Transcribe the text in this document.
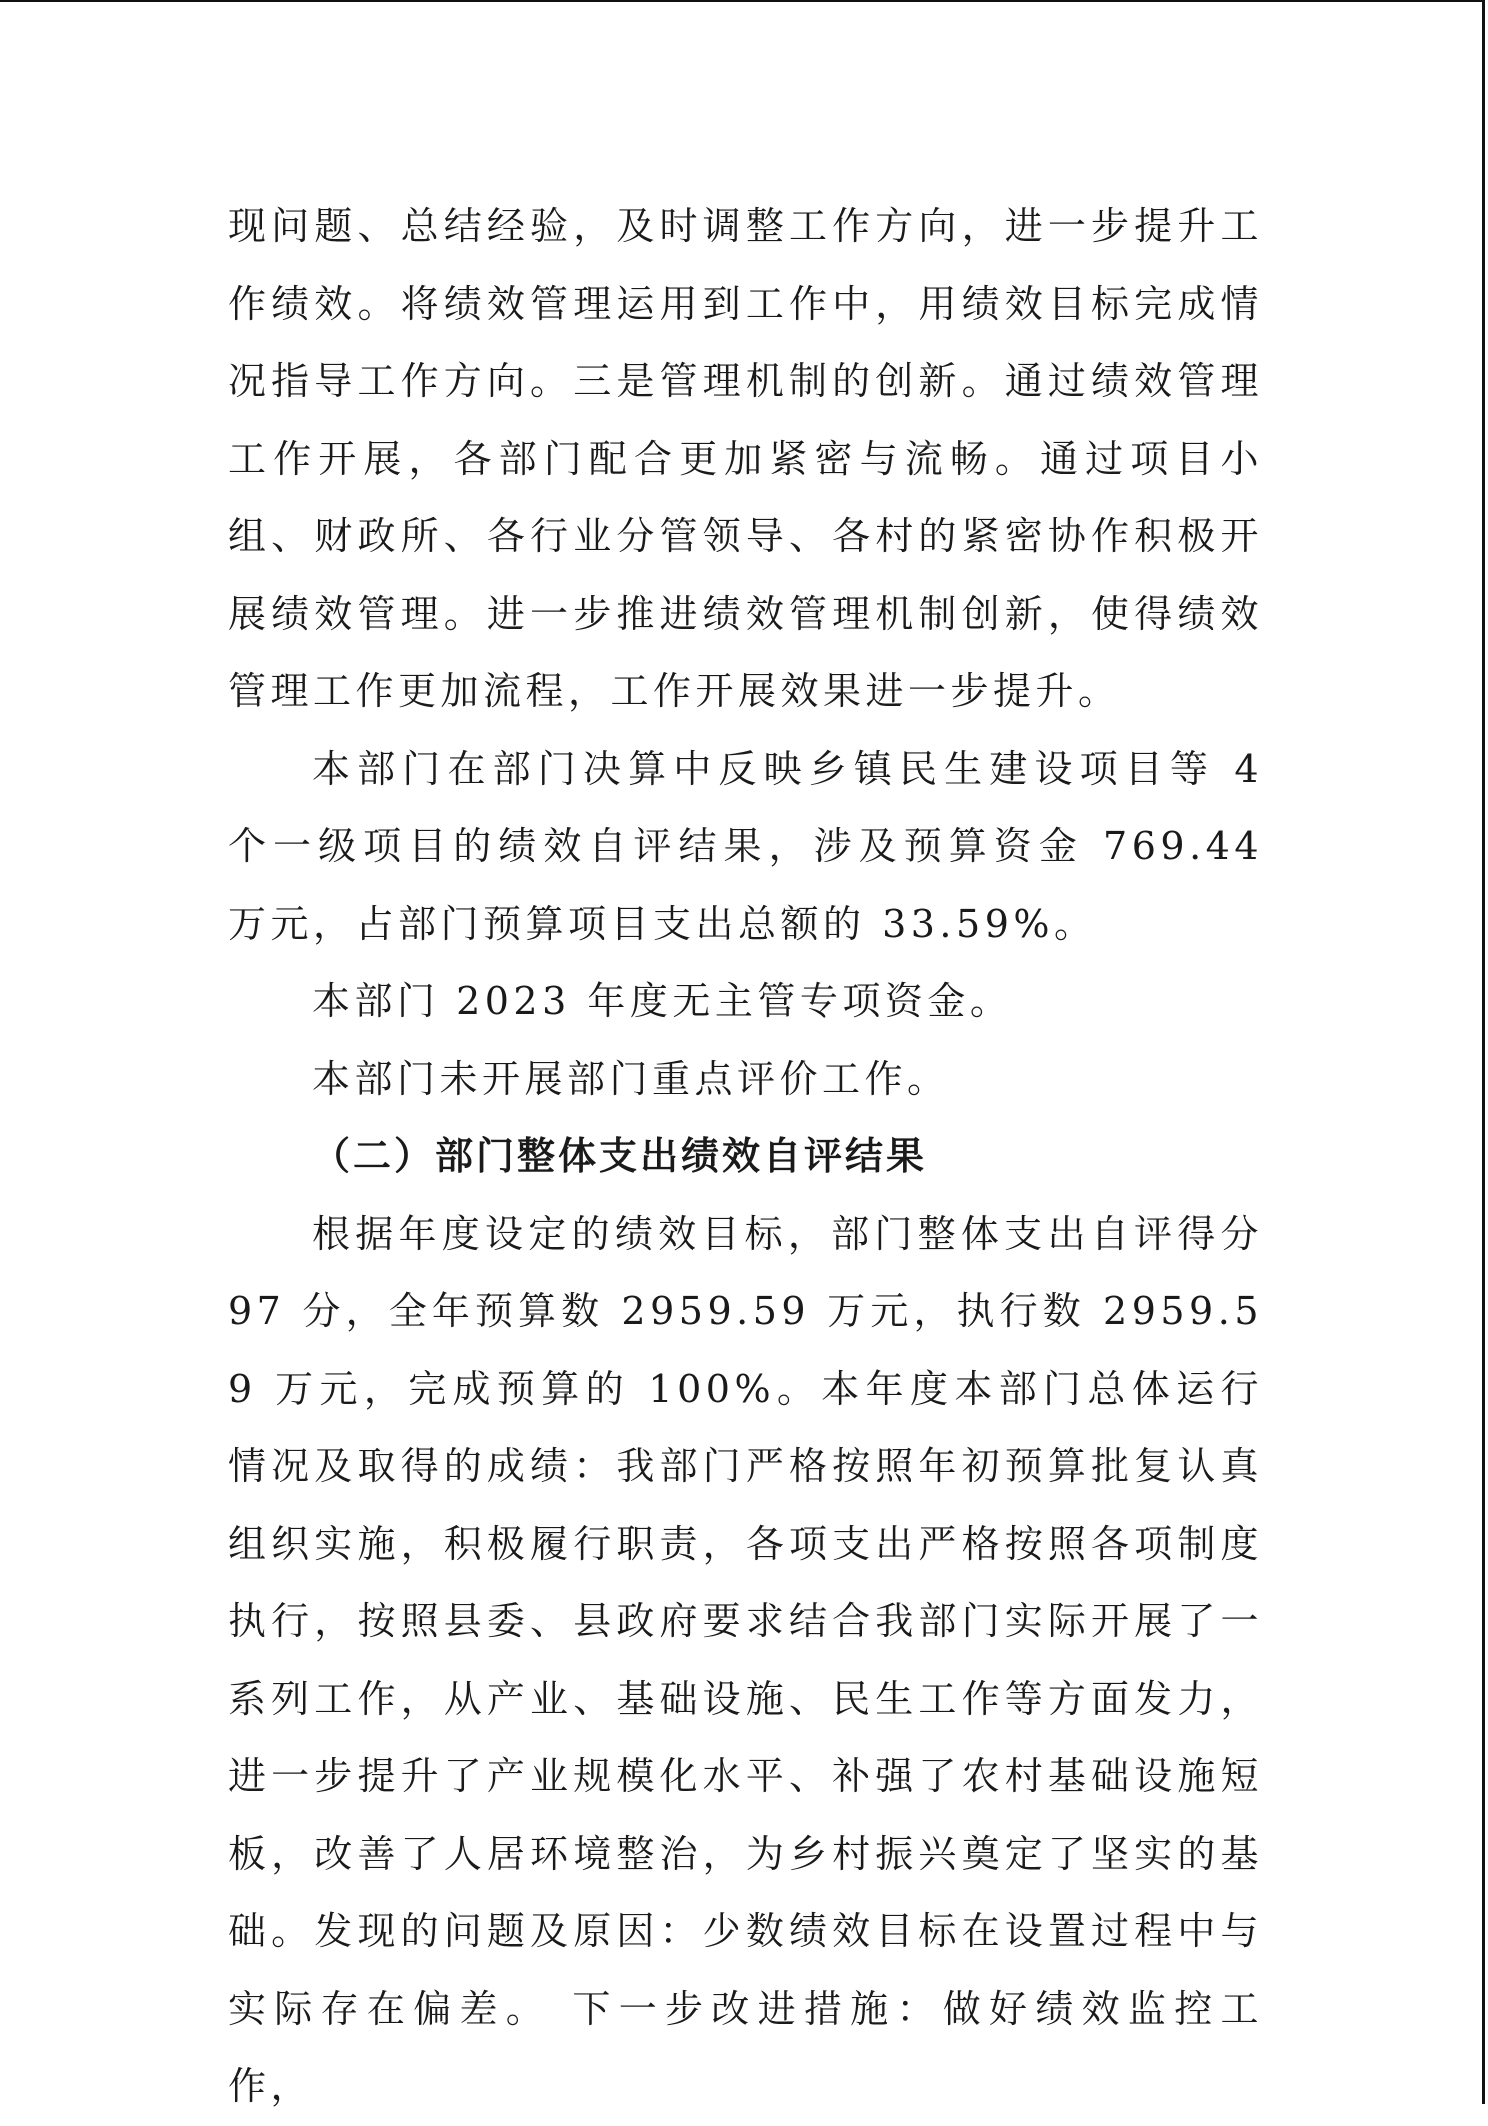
现问题、总结经验，及时调整工作方向，进一步提升工作绩效。将绩效管理运用到工作中，用绩效目标完成情况指导工作方向。三是管理机制的创新。通过绩效管理工作开展，各部门配合更加紧密与流畅。通过项目小组、财政所、各行业分管领导、各村的紧密协作积极开展绩效管理。进一步推进绩效管理机制创新，使得绩效管理工作更加流程，工作开展效果进一步提升。

本部门在部门决算中反映乡镇民生建设项目等 4 个一级项目的绩效自评结果，涉及预算资金 769.44 万元，占部门预算项目支出总额的 33.59%。

本部门 2023 年度无主管专项资金。

本部门未开展部门重点评价工作。

（二）部门整体支出绩效自评结果

根据年度设定的绩效目标，部门整体支出自评得分 97 分，全年预算数 2959.59 万元，执行数 2959.59 万元，完成预算的 100%。本年度本部门总体运行情况及取得的成绩：我部门严格按照年初预算批复认真组织实施，积极履行职责，各项支出严格按照各项制度执行，按照县委、县政府要求结合我部门实际开展了一系列工作，从产业、基础设施、民生工作等方面发力，进一步提升了产业规模化水平、补强了农村基础设施短板，改善了人居环境整治，为乡村振兴奠定了坚实的基础。发现的问题及原因：少数绩效目标在设置过程中与实际存在偏差。 下一步改进措施：做好绩效监控工作，
